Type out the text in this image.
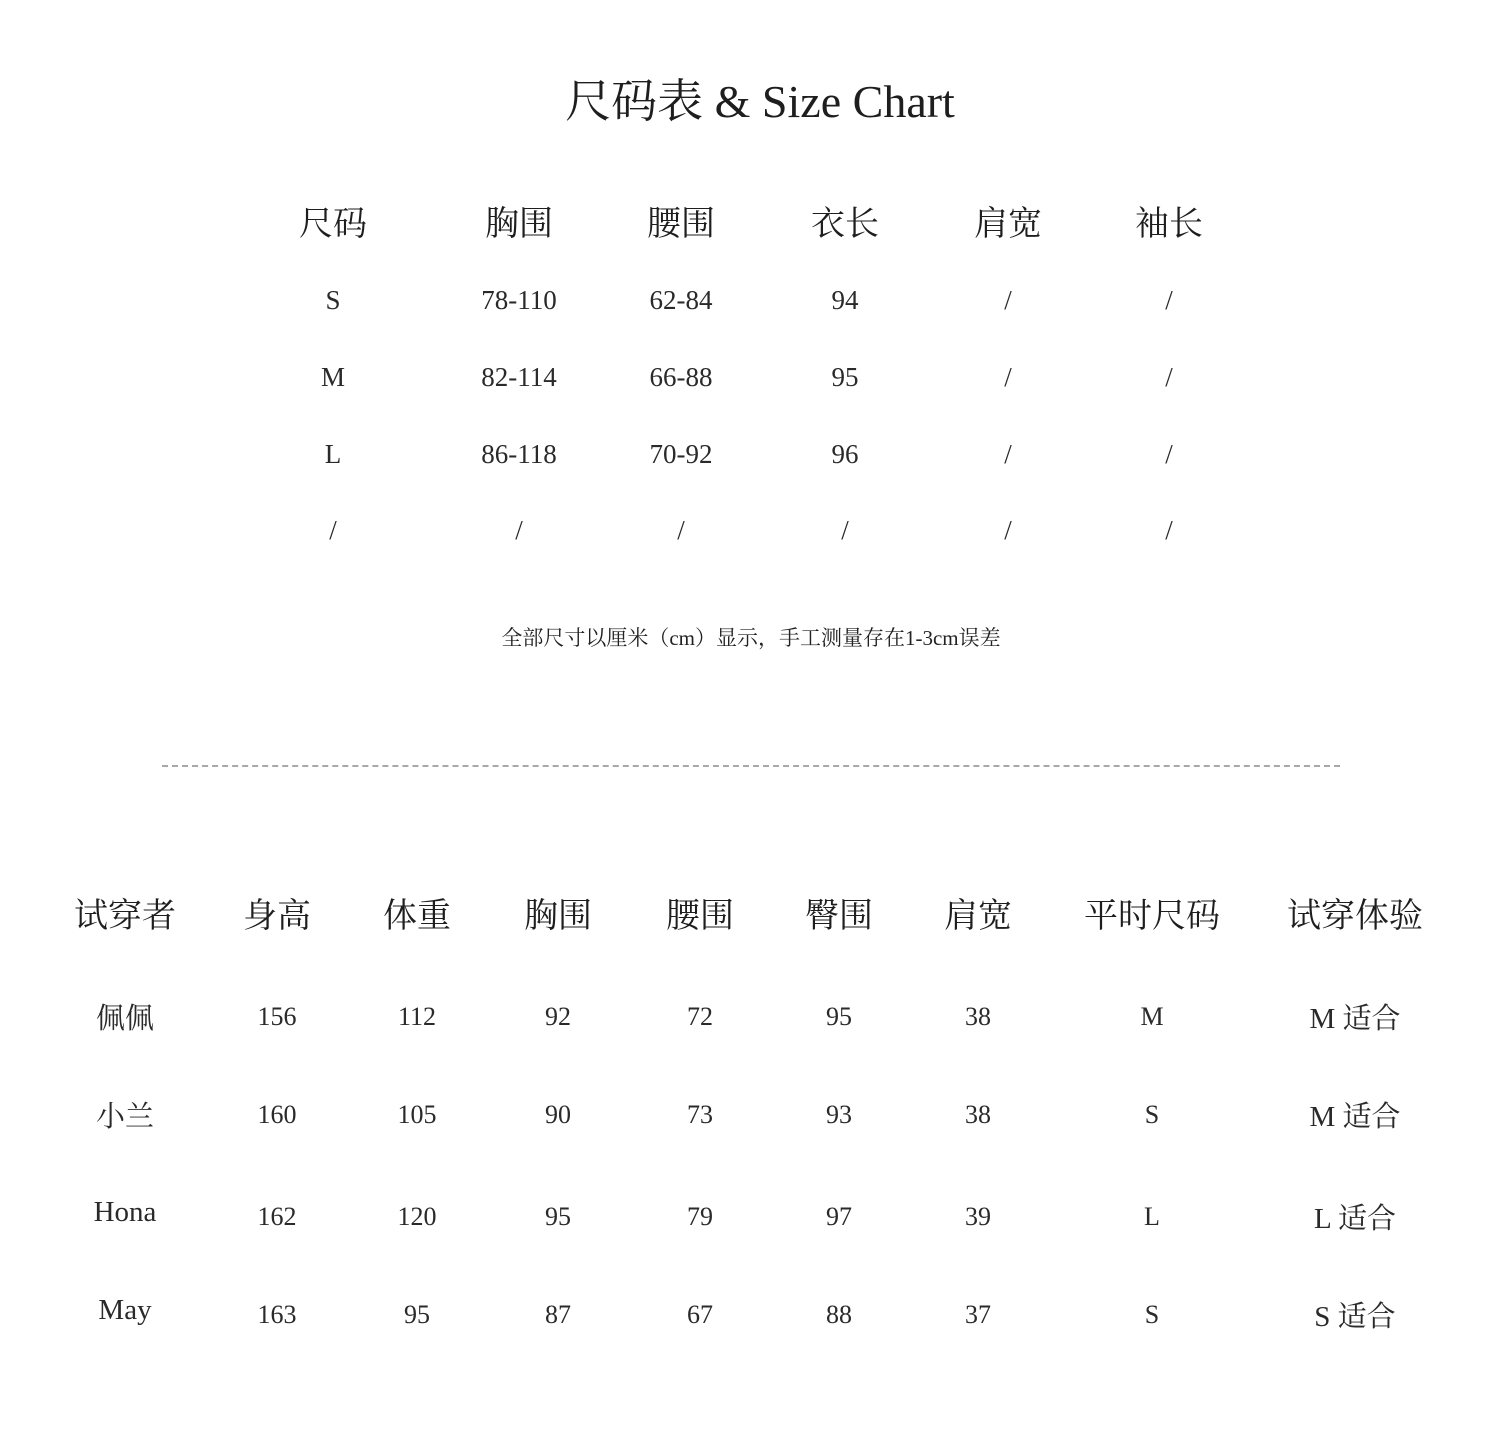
尺码表 & Size Chart
尺码	胸围	腰围	衣长	肩宽	袖长
S	78-110	62-84	94	/	/
M	82-114	66-88	95	/	/
L	86-118	70-92	96	/	/
/	/	/	/	/	/
全部尺寸以厘米（cm）显示，手工测量存在1-3cm误差
试穿者 身高 体重 胸围 腰围 臀围 肩宽 平时尺码 试穿体验
佩佩	156	112	92	72	95	38	M	M 适合
小兰	160	105	90	73	93	38	S	M 适合
Hona	162	120	95	79	97	39	L	L 适合
May	163	95	87	67	88	37	S	S 适合
